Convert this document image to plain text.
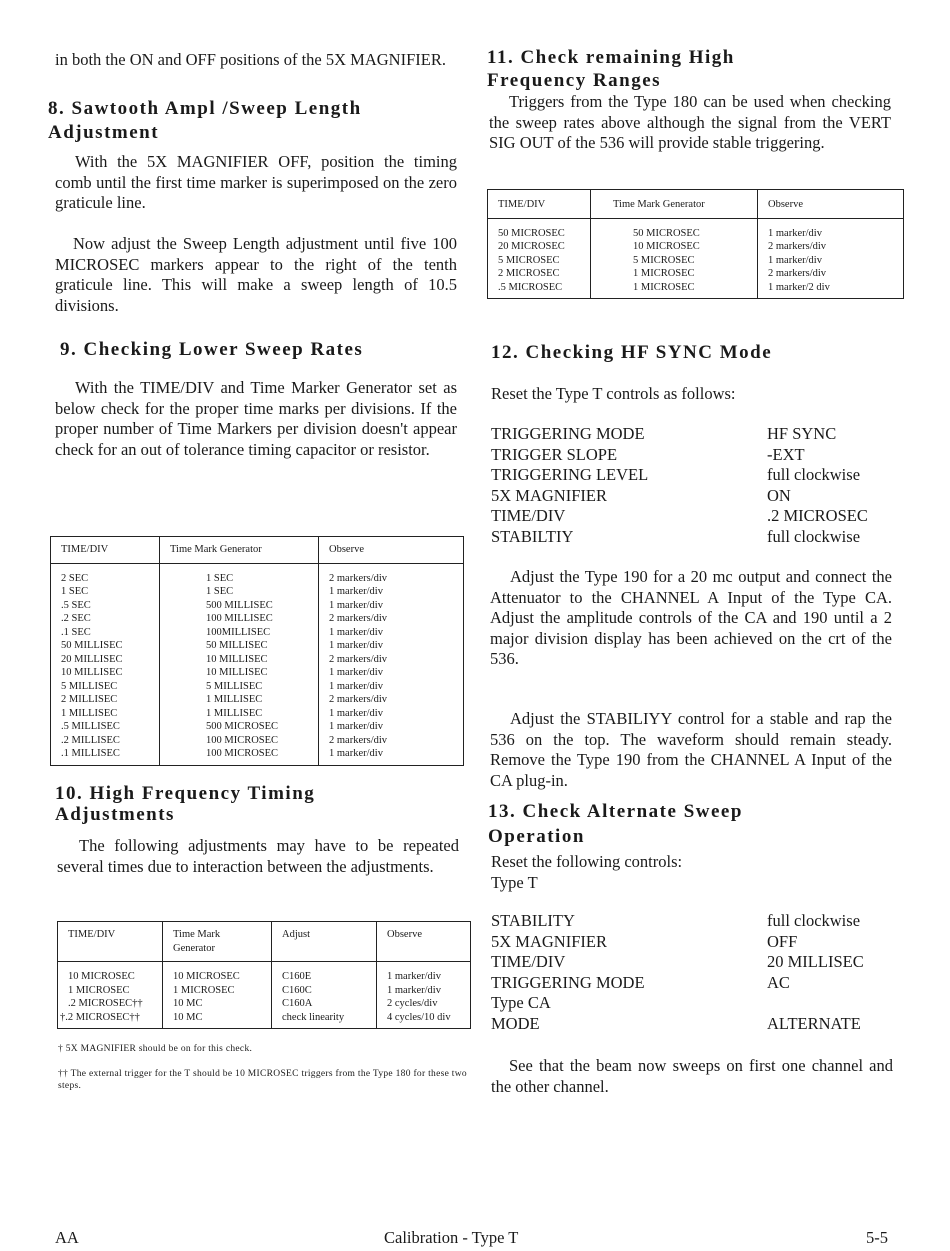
in both the ON and OFF positions of the 5X MAGNIFIER.

8. Sawtooth Ampl /Sweep Length

Adjustment

With the 5X MAGNIFIER OFF, position the timing comb until the first time marker is superimposed on the zero graticule line.

Now adjust the Sweep Length adjustment until five 100 MICROSEC markers appear to the right of the tenth graticule line. This will make a sweep length of 10.5 divisions.

9. Checking Lower Sweep Rates

With the TIME/DIV and Time Marker Generator set as below check for the proper time marks per divisions. If the proper number of Time Markers per division doesn't appear check for an out of tolerance timing capacitor or resistor.

TIME/DIV	Time Mark Generator	Observe
2 SEC	1 SEC	2 markers/div
1 SEC	1 SEC	1 marker/div
.5 SEC	500 MILLISEC	1 marker/div
.2 SEC	100 MILLISEC	2 markers/div
.1 SEC	100MILLISEC	1 marker/div
50 MILLISEC	50 MILLISEC	1 marker/div
20 MILLISEC	10 MILLISEC	2 markers/div
10 MILLISEC	10 MILLISEC	1 marker/div
5 MILLISEC	5 MILLISEC	1 marker/div
2 MILLISEC	1 MILLISEC	2 markers/div
1 MILLISEC	1 MILLISEC	1 marker/div
.5 MILLISEC	500 MICROSEC	1 marker/div
.2 MILLISEC	100 MICROSEC	2 markers/div
.1 MILLISEC	100 MICROSEC	1 marker/div

10. High Frequency Timing

Adjustments

The following adjustments may have to be repeated several times due to interaction between the adjustments.

TIME/DIV	Time Mark Generator	Adjust	Observe
10 MICROSEC	10 MICROSEC	C160E	1 marker/div
1 MICROSEC	1 MICROSEC	C160C	1 marker/div
.2 MICROSEC††	10 MC	C160A	2 cycles/div
†.2 MICROSEC††	10 MC	check linearity	4 cycles/10 div

† 5X MAGNIFIER should be on for this check.

†† The external trigger for the T should be 10 MICROSEC triggers from the Type 180 for these two steps.

11. Check remaining High

Frequency Ranges

Triggers from the Type 180 can be used when checking the sweep rates above although the signal from the VERT SIG OUT of the 536 will provide stable triggering.

TIME/DIV	Time Mark Generator	Observe
50 MICROSEC	50 MICROSEC	1 marker/div
20 MICROSEC	10 MICROSEC	2 markers/div
5 MICROSEC	5 MICROSEC	1 marker/div
2 MICROSEC	1 MICROSEC	2 markers/div
.5 MICROSEC	1 MICROSEC	1 marker/2 div

12. Checking HF SYNC Mode

Reset the Type T controls as follows:

TRIGGERING MODE	HF SYNC
TRIGGER SLOPE	-EXT
TRIGGERING LEVEL	full clockwise
5X MAGNIFIER	ON
TIME/DIV	.2 MICROSEC
STABILTIY	full clockwise

Adjust the Type 190 for a 20 mc output and connect the Attenuator to the CHANNEL A Input of the Type CA. Adjust the amplitude controls of the CA and 190 until a 2 major division display has been achieved on the crt of the 536.

Adjust the STABILIYY control for a stable and rap the 536 on the top. The waveform should remain steady. Remove the Type 190 from the CHANNEL A Input of the CA plug-in.

13. Check Alternate Sweep

Operation

Reset the following controls:

Type T

STABILITY	full clockwise
5X MAGNIFIER	OFF
TIME/DIV	20 MILLISEC
TRIGGERING MODE	AC
Type CA
MODE	ALTERNATE

See that the beam now sweeps on first one channel and the other channel.

AA	Calibration - Type T	5-5
